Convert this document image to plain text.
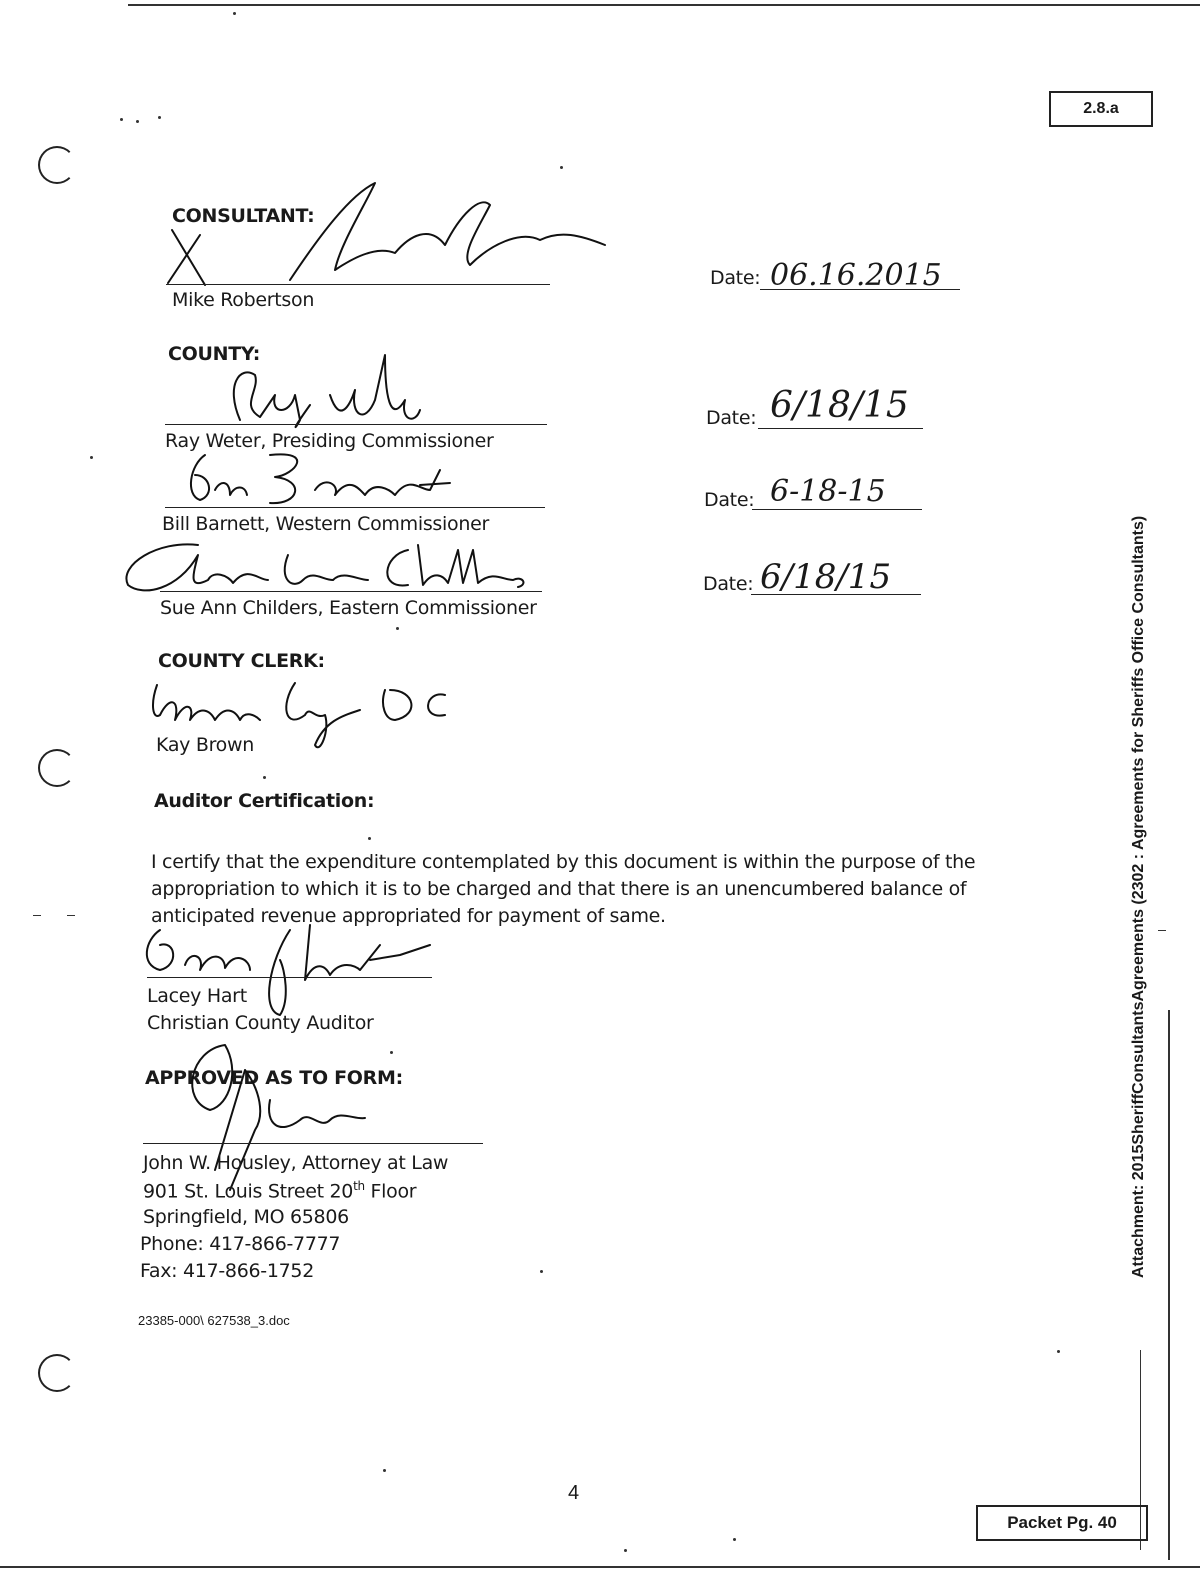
2.8.a
CONSULTANT:
Mike Robertson
Date: 06.16.2015
COUNTY:
Ray Weter, Presiding Commissioner
Date: 6/18/15
Bill Barnett, Western Commissioner
Date: 6-18-15
Sue Ann Childers, Eastern Commissioner
Date: 6/18/15
COUNTY CLERK:
Kay Brown
Auditor Certification:
I certify that the expenditure contemplated by this document is within the purpose of the
appropriation to which it is to be charged and that there is an unencumbered balance of
anticipated revenue appropriated for payment of same.
Lacey Hart
Christian County Auditor
APPROVED AS TO FORM:
John W. Housley, Attorney at Law
901 St. Louis Street 20th Floor
Springfield, MO 65806
Phone: 417-866-7777
Fax: 417-866-1752
23385-000\ 627538_3.doc
4
Attachment: 2015SheriffConsultantsAgreements (2302 : Agreements for Sheriffs Office Consultants)
Packet Pg. 40
